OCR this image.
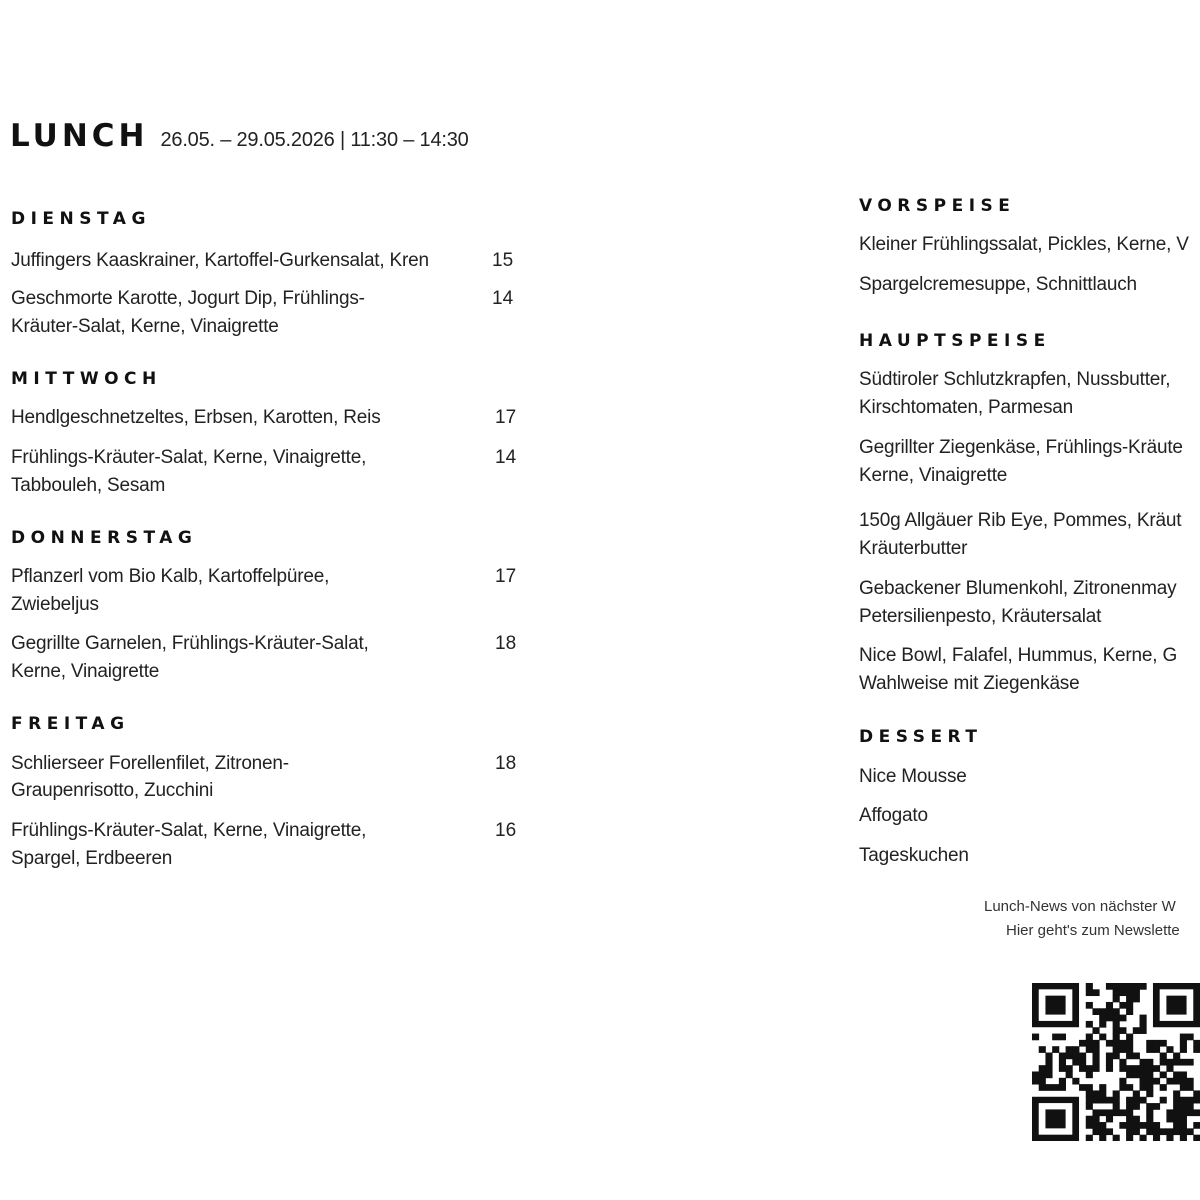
LUNCH 26.05. – 29.05.2026 | 11:30 – 14:30
DIENSTAG
Juffingers Kaaskrainer, Kartoffel-Gurkensalat, Kren	15
Geschmorte Karotte, Jogurt Dip, Frühlings-
Kräuter-Salat, Kerne, Vinaigrette
14
MITTWOCH
Hendlgeschnetzeltes, Erbsen, Karotten, Reis	17
Frühlings-Kräuter-Salat, Kerne, Vinaigrette,
Tabbouleh, Sesam
14
DONNERSTAG
Pflanzerl vom Bio Kalb, Kartoffelpüree,
Zwiebeljus
17
Gegrillte Garnelen, Frühlings-Kräuter-Salat,
Kerne, Vinaigrette
18
FREITAG
Schlierseer Forellenfilet, Zitronen-
Graupenrisotto, Zucchini
18
Frühlings-Kräuter-Salat, Kerne, Vinaigrette,
Spargel, Erdbeeren
16
VORSPEISE
Kleiner Frühlingssalat, Pickles, Kerne, V
Spargelcremesuppe, Schnittlauch
HAUPTSPEISE
Südtiroler Schlutzkrapfen, Nussbutter,
Kirschtomaten, Parmesan
Gegrillter Ziegenkäse, Frühlings-Kräute
Kerne, Vinaigrette
150g Allgäuer Rib Eye, Pommes, Kräut
Kräuterbutter
Gebackener Blumenkohl, Zitronenmay
Petersilienpesto, Kräutersalat
Nice Bowl, Falafel, Hummus, Kerne, G
Wahlweise mit Ziegenkäse
DESSERT
Nice Mousse
Affogato
Tageskuchen
Lunch-News von nächster W
Hier geht's zum Newslette
